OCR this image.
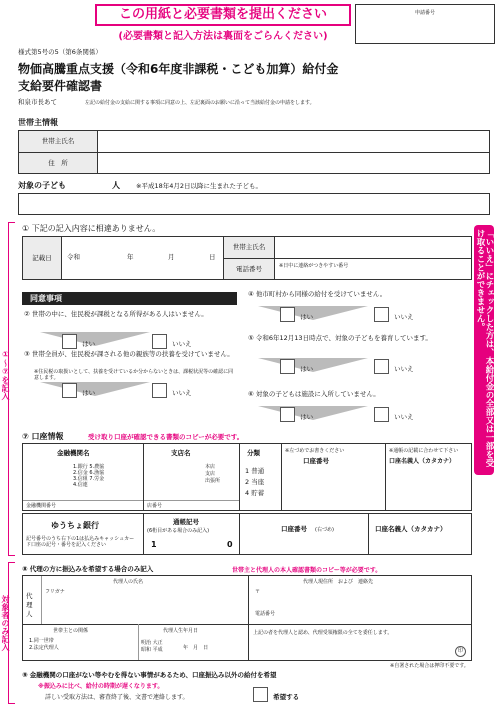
この用紙と必要書類を提出ください
(必要書類と記入方法は裏面をごらんください)
申請番号
様式第5号の5（第6条関係）
物価高騰重点支援（令和6年度非課税・こども加算）給付金
支給要件確認書
和泉市長あて	左記の給付金の支給に関する事項に同意の上、左記裏面のお願いに沿って当該給付金の申請をします。
世帯主情報
世帯主氏名
住　所
対象の子ども	人 ※平成18年4月2日以降に生まれた子ども。
①〜⑦を記入
対象者のみ記入
「いいえ」にチェックした方は、本給付金の全部又は一部を受け取ることができません。
① 下記の記入内容に相違ありません。
記載日	令和	年	月	日
世帯主氏名
電話番号	※日中に連絡がつきやすい番号
同意事項
② 世帯の中に、住民税が課税となる所得がある人はいません。
はい	いいえ
③ 世帯全員が、住民税が課される他の親族等の扶養を受けていません。
※住民税の取扱いとして、扶養を受けているか分からないときは、課税状況等の確認に同意します。
はい	いいえ
④ 他市町村から同様の給付を受けていません。
はい	いいえ
⑤ 令和6年12月13日時点で、対象の子どもを養育しています。
はい	いいえ
⑥ 対象の子どもは施設に入所していません。
はい	いいえ
⑦ 口座情報	受け取り口座が確認できる書類のコピーが必要です。
金融機関名
1.銀行 5.農協
2.信金 6.漁協
3.信組 7.労金
4.信連
金融機関番号
支店名
本店
支店
出張所
店番号
分類
1 普通
2 当座
4 貯蓄
※左づめでお書きください
口座番号
※通帳の記載に合わせて下さい
口座名義人（カタカナ）
ゆうちょ銀行
記号番号のうち右下の1は払込みキャッシュカード口座の記号・番号を記入ください
通帳記号
(6桁目がある場合のみ記入)
1	0
口座番号 (右づめ)	口座名義人（カタカナ）
⑧ 代理の方に振込みを希望する場合のみ記入	世帯主と代理人の本人確認書類のコピー等が必要です。
代理人
代理人の氏名
フリガナ
代理人現住所　および　連絡先
〒
電話番号
世帯主との関係
1.同一世帯
2.法定代理人
代理人生年月日
明治 大正
昭和 平成	年　 月　 日
上記の者を代理人と認め、代理受領権限の全てを委任します。
印
※自署された場合は押印不要です。
⑨ 金融機関の口座がない等やむを得ない事情があるため、口座振込み以外の給付を希望
※振込みに比べ、給付の時期が遅くなります。
詳しい受取方法は、審査終了後、文書で連絡します。	希望する
